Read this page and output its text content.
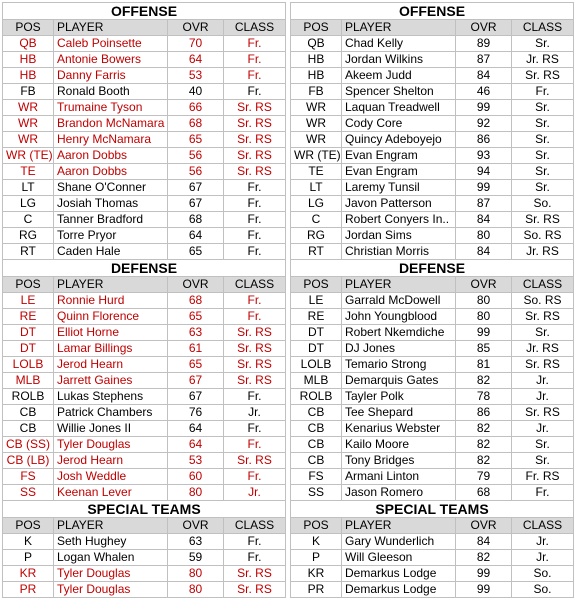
OFFENSE			
POS	PLAYER	OVR	CLASS
QB	Caleb Poinsette	70	Fr.
HB	Antonie Bowers	64	Fr.
HB	Danny Farris	53	Fr.
FB	Ronald Booth	40	Fr.
WR	Trumaine Tyson	66	Sr. RS
WR	Brandon McNamara	68	Sr. RS
WR	Henry McNamara	65	Sr. RS
WR (TE)	Aaron Dobbs	56	Sr. RS
TE	Aaron Dobbs	56	Sr. RS
LT	Shane O'Conner	67	Fr.
LG	Josiah Thomas	67	Fr.
C	Tanner Bradford	68	Fr.
RG	Torre Pryor	64	Fr.
RT	Caden Hale	65	Fr.
DEFENSE			
POS	PLAYER	OVR	CLASS
LE	Ronnie Hurd	68	Fr.
RE	Quinn Florence	65	Fr.
DT	Elliot Horne	63	Sr. RS
DT	Lamar Billings	61	Sr. RS
LOLB	Jerod Hearn	65	Sr. RS
MLB	Jarrett Gaines	67	Sr. RS
ROLB	Lukas Stephens	67	Fr.
CB	Patrick Chambers	76	Jr.
CB	Willie Jones II	64	Fr.
CB (SS)	Tyler Douglas	64	Fr.
CB (LB)	Jerod Hearn	53	Sr. RS
FS	Josh Weddle	60	Fr.
SS	Keenan Lever	80	Jr.
SPECIAL TEAMS			
POS	PLAYER	OVR	CLASS
K	Seth Hughey	63	Fr.
P	Logan Whalen	59	Fr.
KR	Tyler Douglas	80	Sr. RS
PR	Tyler Douglas	80	Sr. RS
OFFENSE			
POS	PLAYER	OVR	CLASS
QB	Chad Kelly	89	Sr.
HB	Jordan Wilkins	87	Jr. RS
HB	Akeem Judd	84	Sr. RS
FB	Spencer Shelton	46	Fr.
WR	Laquan Treadwell	99	Sr.
WR	Cody Core	92	Sr.
WR	Quincy Adeboyejo	86	Sr.
WR (TE)	Evan Engram	93	Sr.
TE	Evan Engram	94	Sr.
LT	Laremy Tunsil	99	Sr.
LG	Javon Patterson	87	So.
C	Robert Conyers In..	84	Sr. RS
RG	Jordan Sims	80	So. RS
RT	Christian Morris	84	Jr. RS
DEFENSE			
POS	PLAYER	OVR	CLASS
LE	Garrald McDowell	80	So. RS
RE	John Youngblood	80	Sr. RS
DT	Robert Nkemdiche	99	Sr.
DT	DJ Jones	85	Jr. RS
LOLB	Temario Strong	81	Sr. RS
MLB	Demarquis Gates	82	Jr.
ROLB	Tayler Polk	78	Jr.
CB	Tee Shepard	86	Sr. RS
CB	Kenarius Webster	82	Jr.
CB	Kailo Moore	82	Sr.
CB	Tony Bridges	82	Sr.
FS	Armani Linton	79	Fr. RS
SS	Jason Romero	68	Fr.
SPECIAL TEAMS			
POS	PLAYER	OVR	CLASS
K	Gary Wunderlich	84	Jr.
P	Will Gleeson	82	Jr.
KR	Demarkus Lodge	99	So.
PR	Demarkus Lodge	99	So.
